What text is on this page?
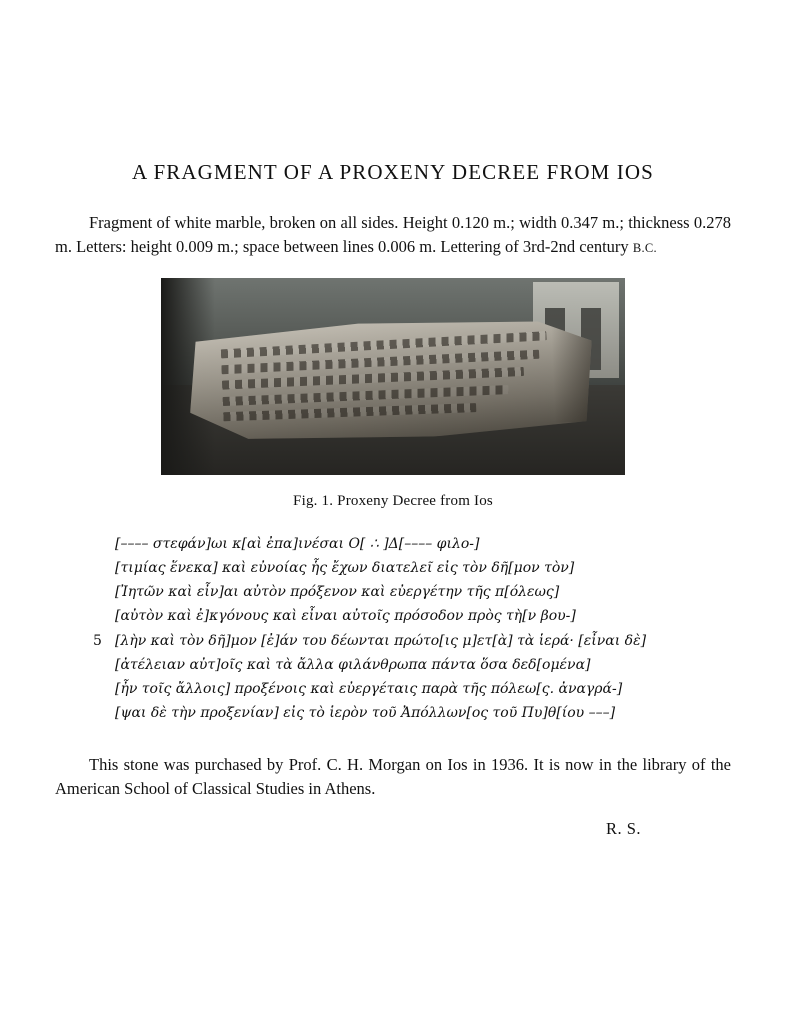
A FRAGMENT OF A PROXENY DECREE FROM IOS

Fragment of white marble, broken on all sides. Height 0.120 m.; width 0.347 m.; thickness 0.278 m. Letters: height 0.009 m.; space between lines 0.006 m. Lettering of 3rd-2nd century B.C.

Fig. 1. Proxeny Decree from Ios
[–––– στεφάν]ωι κ[αὶ ἐπα]ινέσαι Ο[ ∴ ]Δ[–––– φιλο-]
[τιμίας ἕνεκα] καὶ εὐνοίας ἧς ἔχων διατελεῖ εἰς τὸν δῆ[μον τὸν]
[Ἰητῶν καὶ εἶν]αι αὐτὸν πρόξενον καὶ εὐεργέτην τῆς π[όλεως]
[αὐτὸν καὶ ἐ]κγόνους καὶ εἶναι αὐτοῖς πρόσοδον πρὸς τὴ[ν βου-]
5 [λὴν καὶ τὸν δῆ]μον [ἐ]άν του δέωνται πρώτο[ις μ]ετ[ὰ] τὰ ἱερά· [εἶναι δὲ]
[ἀτέλειαν αὐτ]οῖς καὶ τὰ ἄλλα φιλάνθρωπα πάντα ὅσα δεδ[ομένα]
[ἦν τοῖς ἄλλοις] προξένοις καὶ εὐεργέταις παρὰ τῆς πόλεω[ς. ἀναγρά-]
[ψαι δὲ τὴν προξενίαν] εἰς τὸ ἱερὸν τοῦ Ἀπόλλων[ος τοῦ Πυ]θ[ίου –––]

This stone was purchased by Prof. C. H. Morgan on Ios in 1936. It is now in the library of the American School of Classical Studies in Athens.

R. S.
